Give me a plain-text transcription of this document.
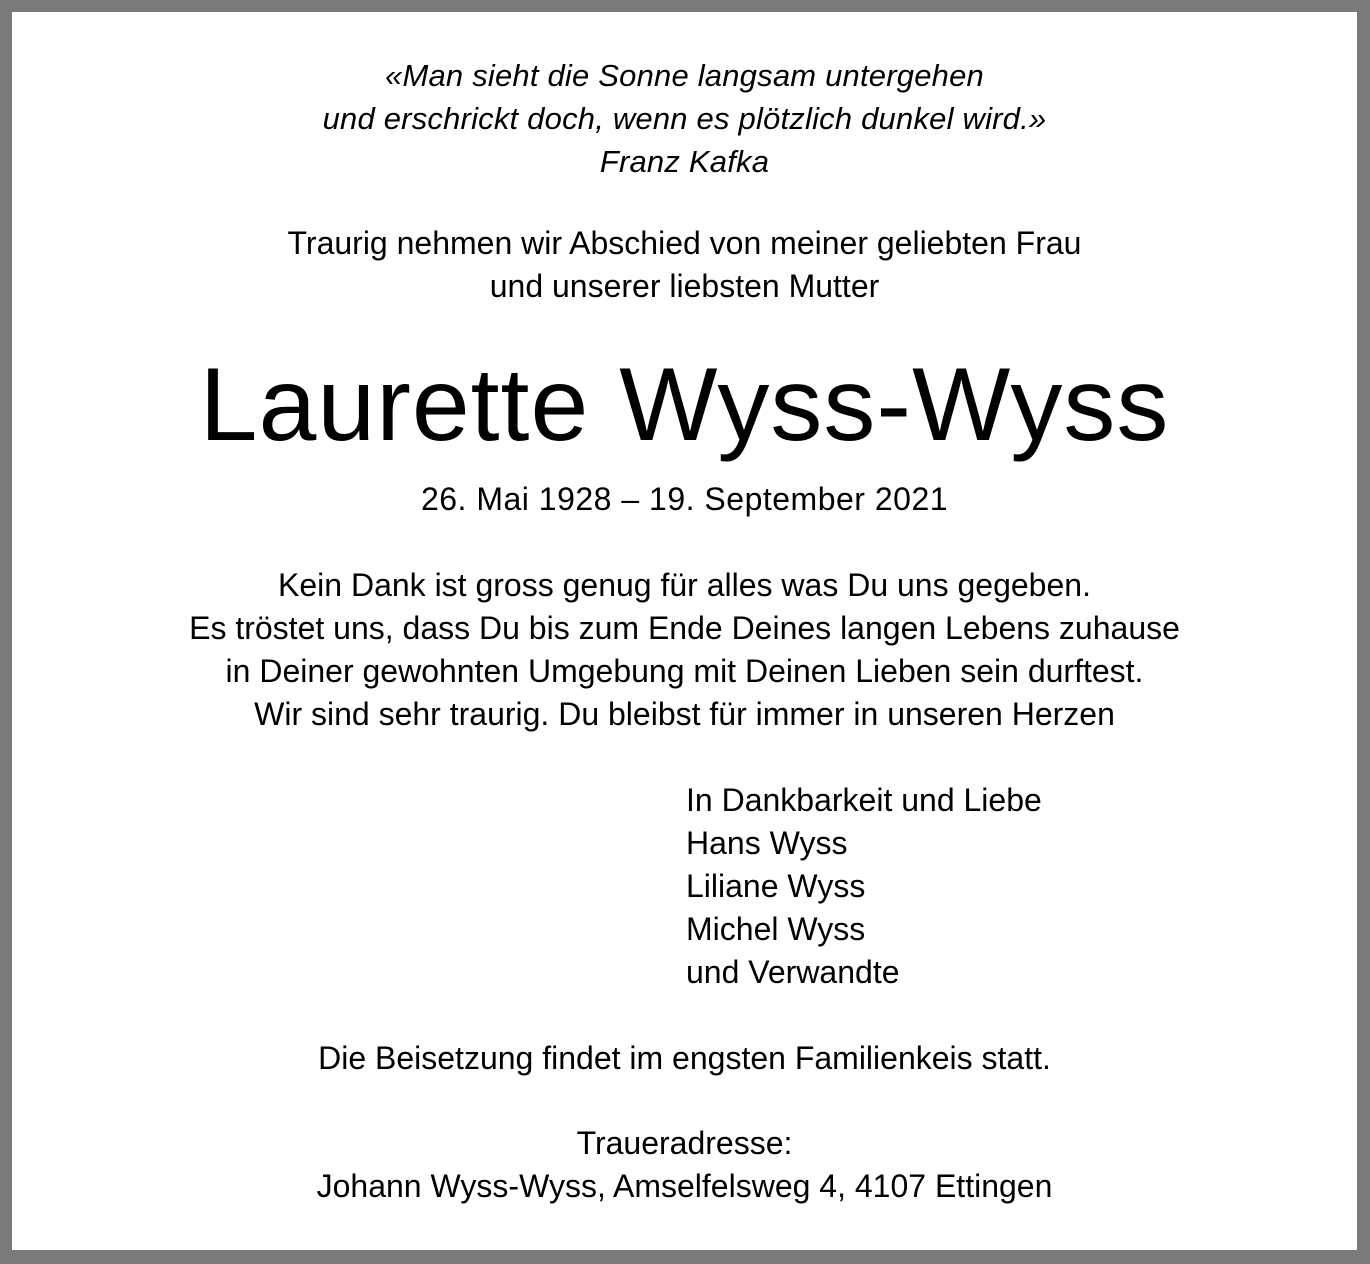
«Man sieht die Sonne langsam untergehen
und erschrickt doch, wenn es plötzlich dunkel wird.»
Franz Kafka
Traurig nehmen wir Abschied von meiner geliebten Frau
und unserer liebsten Mutter
Laurette Wyss-Wyss
26. Mai 1928 – 19. September 2021
Kein Dank ist gross genug für alles was Du uns gegeben.
Es tröstet uns, dass Du bis zum Ende Deines langen Lebens zuhause
in Deiner gewohnten Umgebung mit Deinen Lieben sein durftest.
Wir sind sehr traurig. Du bleibst für immer in unseren Herzen
In Dankbarkeit und Liebe
Hans Wyss
Liliane Wyss
Michel Wyss
und Verwandte
Die Beisetzung findet im engsten Familienkeis statt.
Traueradresse:
Johann Wyss-Wyss, Amselfelsweg 4, 4107 Ettingen
